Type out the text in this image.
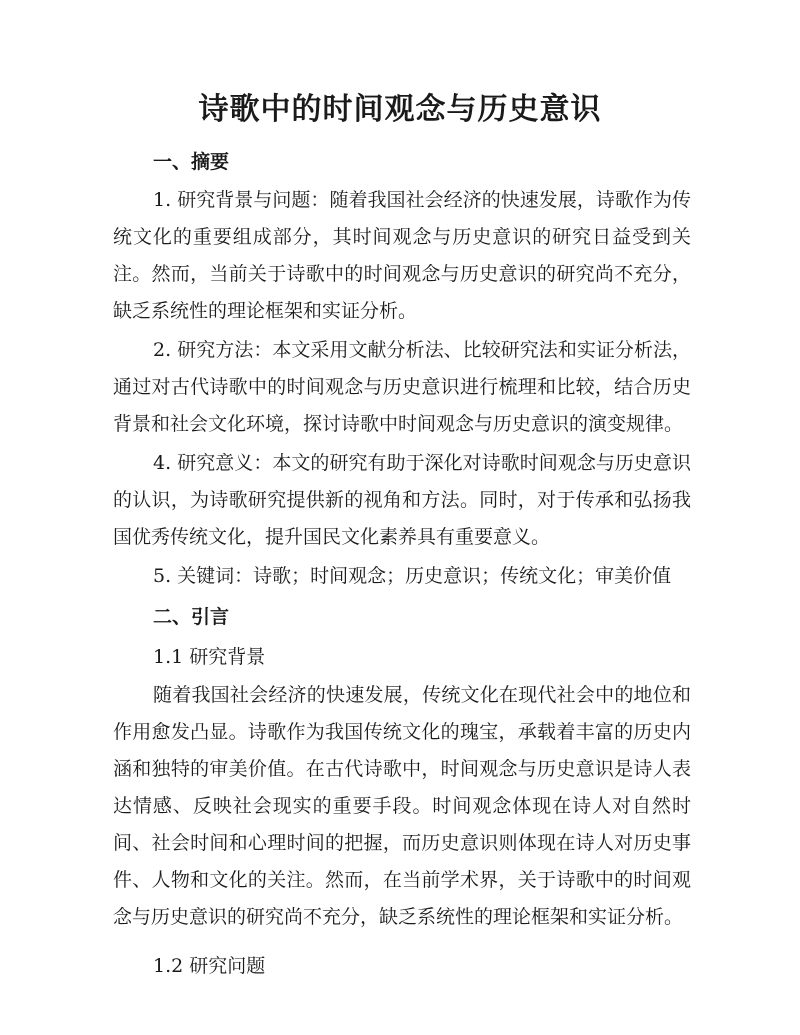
诗歌中的时间观念与历史意识
一、摘要

1. 研究背景与问题：随着我国社会经济的快速发展，诗歌作为传统文化的重要组成部分，其时间观念与历史意识的研究日益受到关注。然而，当前关于诗歌中的时间观念与历史意识的研究尚不充分，缺乏系统性的理论框架和实证分析。

2. 研究方法：本文采用文献分析法、比较研究法和实证分析法，通过对古代诗歌中的时间观念与历史意识进行梳理和比较，结合历史背景和社会文化环境，探讨诗歌中时间观念与历史意识的演变规律。

4. 研究意义：本文的研究有助于深化对诗歌时间观念与历史意识的认识，为诗歌研究提供新的视角和方法。同时，对于传承和弘扬我国优秀传统文化，提升国民文化素养具有重要意义。

5. 关键词：诗歌；时间观念；历史意识；传统文化；审美价值

二、引言

1.1 研究背景

随着我国社会经济的快速发展，传统文化在现代社会中的地位和作用愈发凸显。诗歌作为我国传统文化的瑰宝，承载着丰富的历史内涵和独特的审美价值。在古代诗歌中，时间观念与历史意识是诗人表达情感、反映社会现实的重要手段。时间观念体现在诗人对自然时间、社会时间和心理时间的把握，而历史意识则体现在诗人对历史事件、人物和文化的关注。然而，在当前学术界，关于诗歌中的时间观念与历史意识的研究尚不充分，缺乏系统性的理论框架和实证分析。

1.2 研究问题
